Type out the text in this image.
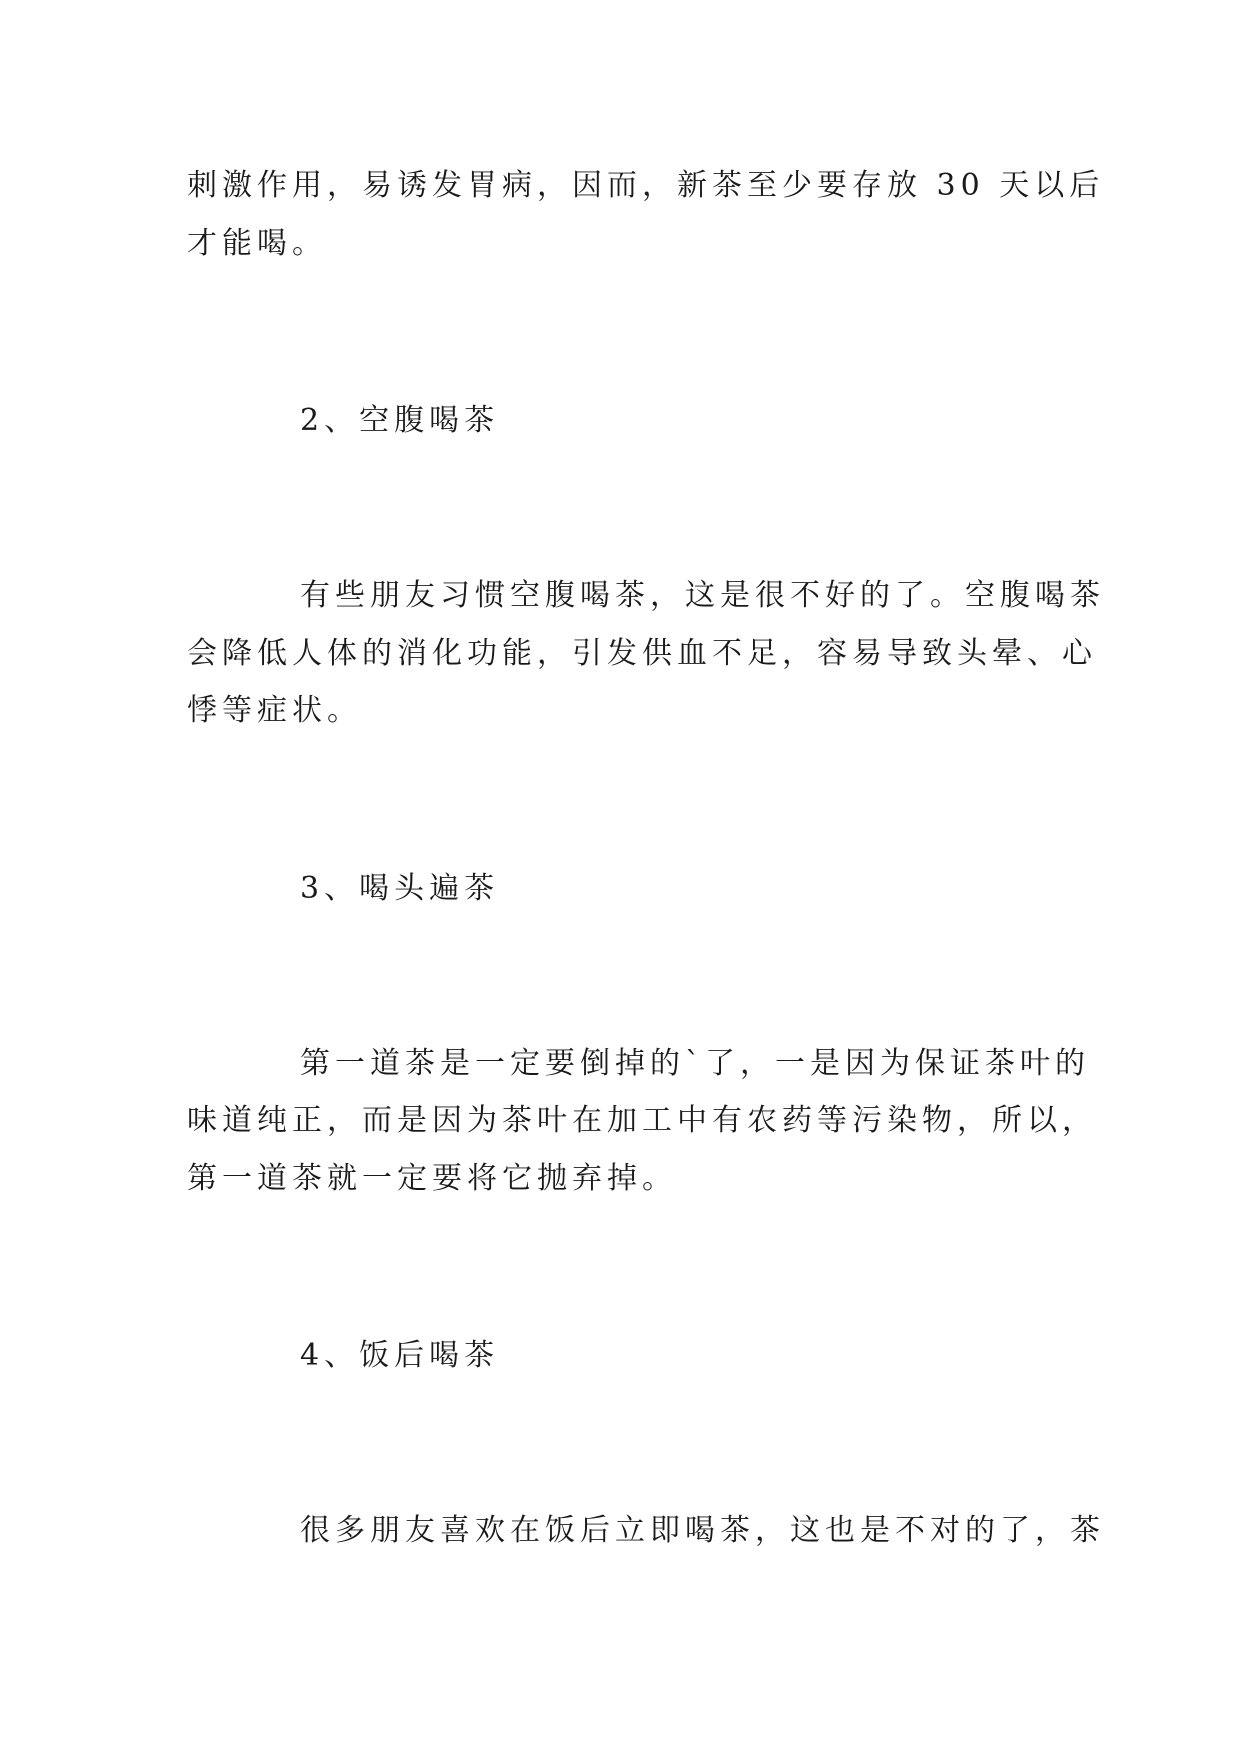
刺激作用，易诱发胃病，因而，新茶至少要存放 30 天以后
才能喝。
2、空腹喝茶
有些朋友习惯空腹喝茶，这是很不好的了。空腹喝茶
会降低人体的消化功能，引发供血不足，容易导致头晕、心
悸等症状。
3、喝头遍茶
第一道茶是一定要倒掉的`了，一是因为保证茶叶的
味道纯正，而是因为茶叶在加工中有农药等污染物，所以，
第一道茶就一定要将它抛弃掉。
4、饭后喝茶
很多朋友喜欢在饭后立即喝茶，这也是不对的了，茶
